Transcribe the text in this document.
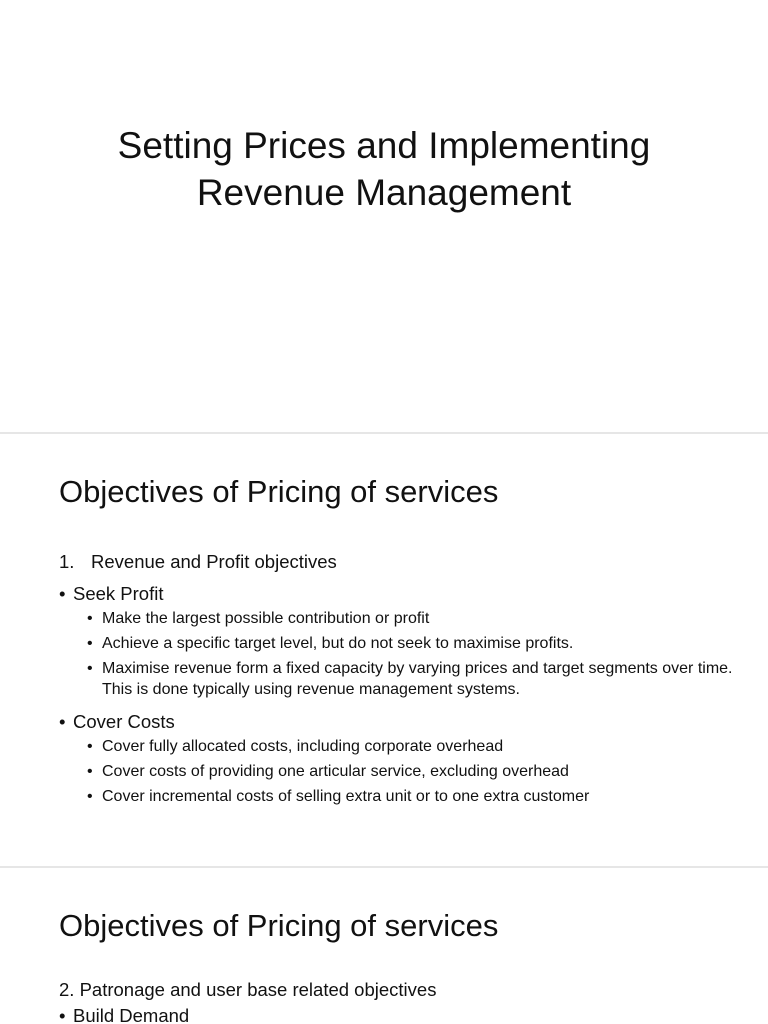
Setting Prices and Implementing
Revenue Management
Objectives of Pricing of services
1. Revenue and Profit objectives
• Seek Profit
• Make the largest possible contribution or profit
• Achieve a specific target level, but do not seek to maximise profits.
• Maximise revenue form a fixed capacity by varying prices and target segments over time. This is done typically using revenue management systems.
• Cover Costs
• Cover fully allocated costs, including corporate overhead
• Cover costs of providing one articular service, excluding overhead
• Cover incremental costs of selling extra unit or to one extra customer
Objectives of Pricing of services
2. Patronage and user base related objectives
• Build Demand
